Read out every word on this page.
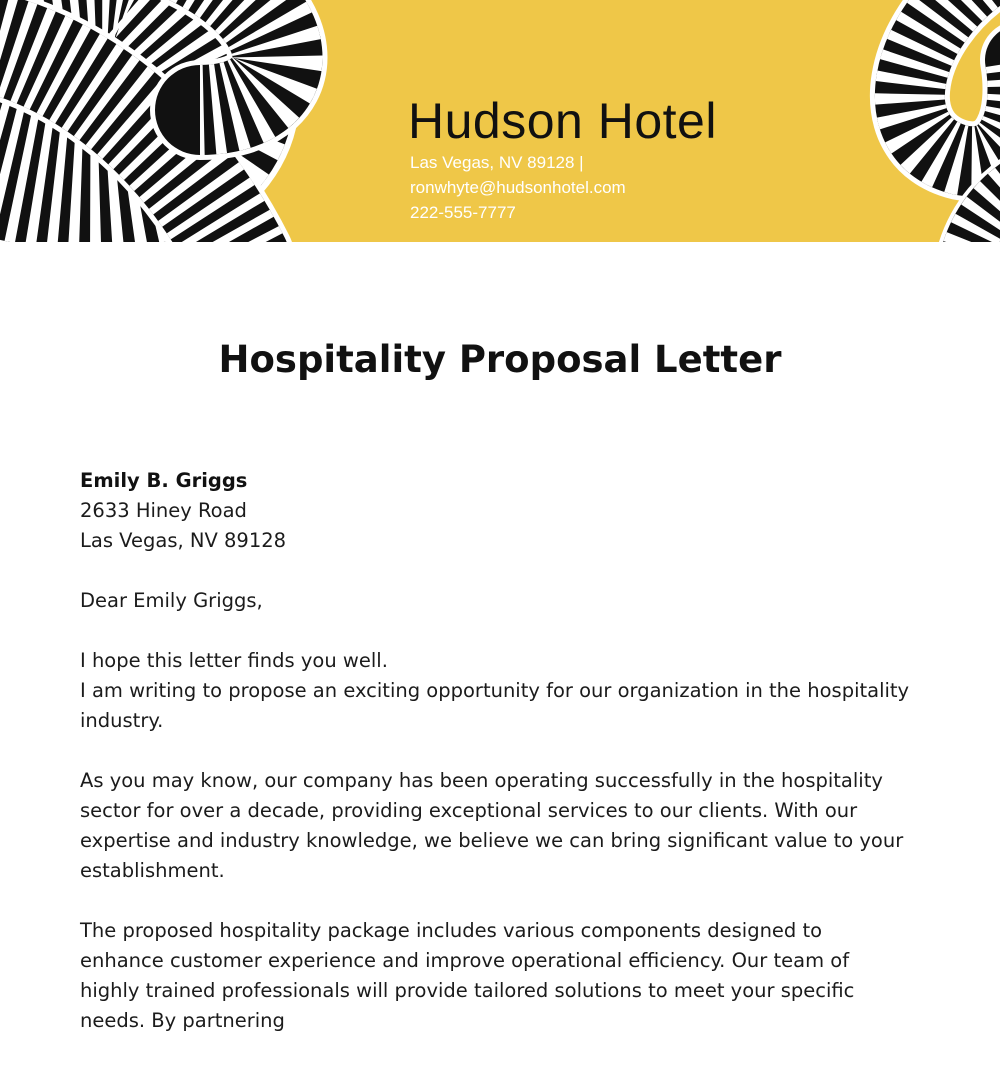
Hudson Hotel
Las Vegas, NV 89128 |
ronwhyte@hudsonhotel.com
222-555-7777
Hospitality Proposal Letter

Emily B. Griggs
2633 Hiney Road
Las Vegas, NV 89128

Dear Emily Griggs,

I hope this letter finds you well.
I am writing to propose an exciting opportunity for our organization in the hospitality industry.

As you may know, our company has been operating successfully in the hospitality sector for over a decade, providing exceptional services to our clients. With our expertise and industry knowledge, we believe we can bring significant value to your establishment.

The proposed hospitality package includes various components designed to enhance customer experience and improve operational efficiency. Our team of highly trained professionals will provide tailored solutions to meet your specific needs. By partnering
